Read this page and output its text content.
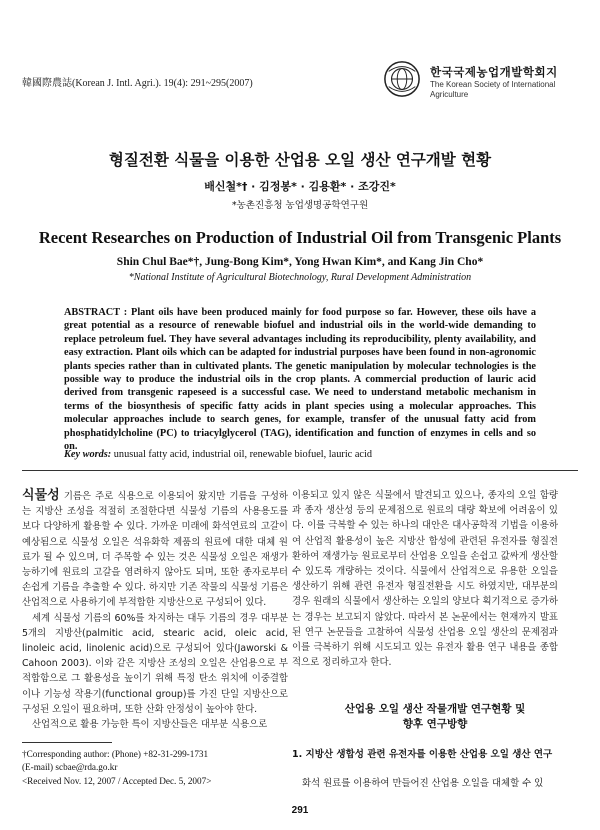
韓國際農誌(Korean J. Intl. Agri.). 19(4): 291~295(2007)
한국국제농업개발학회지
The Korean Society of International Agriculture
형질전환 식물을 이용한 산업용 오일 생산 연구개발 현황
배신철*† · 김정봉* · 김용환* · 조강진*
*농촌진흥청 농업생명공학연구원
Recent Researches on Production of Industrial Oil from Transgenic Plants
Shin Chul Bae*†, Jung-Bong Kim*, Yong Hwan Kim*, and Kang Jin Cho*
*National Institute of Agricultural Biotechnology, Rural Development Administration
ABSTRACT : Plant oils have been produced mainly for food purpose so far. However, these oils have a great potential as a resource of renewable biofuel and industrial oils in the world-wide demanding to replace petroleum fuel. They have several advantages including its reproducibility, plenty availability, and easy extraction. Plant oils which can be adapted for industrial purposes have been found in non-agronomic plants species rather than in cultivated plants. The genetic manipulation by molecular technologies is the possible way to produce the industrial oils in the crop plants. A commercial production of lauric acid derived from transgenic rapeseed is a successful case. We need to understand metabolic mechanism in terms of the biosynthesis of specific fatty acids in plant species using a molecular approaches. This molecular approaches include to search genes, for example, transfer of the unusual fatty acid from phosphatidylcholine (PC) to triacylglycerol (TAG), identification and function of enzymes in cells and so on.
Key words: unusual fatty acid, industrial oil, renewable biofuel, lauric acid

식물성 기름은 주로 식용으로 이용되어 왔지만 기름을 구성하는 지방산 조성을 적절히 조절한다면 식물성 기름의 사용용도를 보다 다양하게 활용할 수 있다. 가까운 미래에 화석연료의 고갈이 예상됨으로 식물성 오일은 석유화학 제품의 원료에 대한 대체 원료가 될 수 있으며, 더 주목할 수 있는 것은 식물성 오일은 재생가능하기에 원료의 고갈을 염려하지 않아도 되며, 또한 종자로부터 손쉽게 기름을 추출할 수 있다. 하지만 기존 작물의 식물성 기름은 산업적으로 사용하기에 부적합한 지방산으로 구성되어 있다.

세계 식물성 기름의 60%를 차지하는 대두 기름의 경우 대부분 5개의 지방산(palmitic acid, stearic acid, oleic acid, linoleic acid, linolenic acid)으로 구성되어 있다(Jaworski & Cahoon 2003). 이와 같은 지방산 조성의 오일은 산업용으로 부적합함으로 그 활용성을 높이기 위해 특정 탄소 위치에 이중결합이나 기능성 작용기(functional group)를 가진 단일 지방산으로 구성된 오일이 필요하며, 또한 산화 안정성이 높아야 한다.

산업적으로 활용 가능한 특이 지방산들은 대부분 식용으로

†Corresponding author: (Phone) +82-31-299-1731
(E-mail) scbae@rda.go.kr
<Received Nov. 12, 2007 / Accepted Dec. 5, 2007>

이용되고 있지 않은 식물에서 발견되고 있으나, 종자의 오일 함량과 종자 생산성 등의 문제점으로 원료의 대량 확보에 어려움이 있다. 이를 극복할 수 있는 하나의 대안은 대사공학적 기법을 이용하여 산업적 활용성이 높은 지방산 합성에 관련된 유전자를 형질전환하여 재생가능 원료로부터 산업용 오일을 손쉽고 값싸게 생산할 수 있도록 개량하는 것이다. 식물에서 산업적으로 유용한 오일을 생산하기 위해 관련 유전자 형질전환을 시도 하였지만, 대부분의 경우 원래의 식물에서 생산하는 오일의 양보다 획기적으로 증가하는 경우는 보고되지 않았다. 따라서 본 논문에서는 현재까지 발표된 연구 논문들을 고찰하여 식물성 산업용 오일 생산의 문제점과 이를 극복하기 위해 시도되고 있는 유전자 활용 연구 내용을 종합적으로 정리하고자 한다.

산업용 오일 생산 작물개발 연구현황 및
향후 연구방향
1. 지방산 생합성 관련 유전자를 이용한 산업용 오일 생산 연구
화석 원료를 이용하여 만들어진 산업용 오일을 대체할 수 있
291
